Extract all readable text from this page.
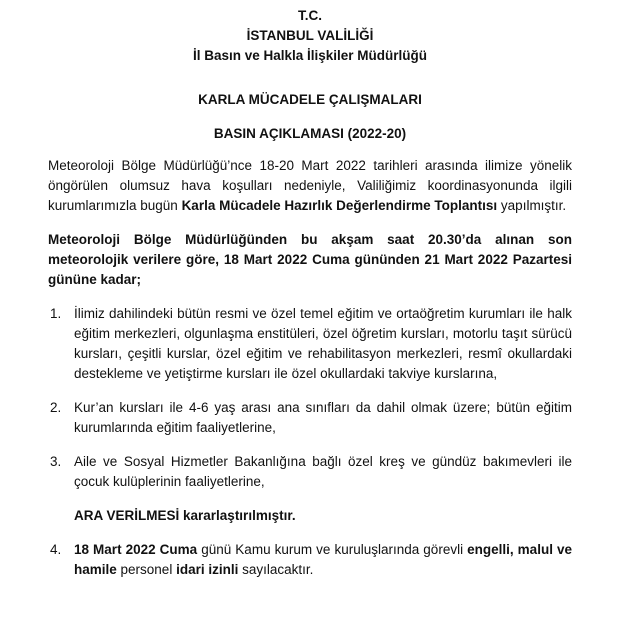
T.C.
İSTANBUL VALİLİĞİ
İl Basın ve Halkla İlişkiler Müdürlüğü
KARLA MÜCADELE ÇALIŞMALARI
BASIN AÇIKLAMASI (2022-20)

Meteoroloji Bölge Müdürlüğü’nce 18-20 Mart 2022 tarihleri arasında ilimize yönelik öngörülen olumsuz hava koşulları nedeniyle, Valiliğimiz koordinasyonunda ilgili kurumlarımızla bugün Karla Mücadele Hazırlık Değerlendirme Toplantısı yapılmıştır.

Meteoroloji Bölge Müdürlüğünden bu akşam saat 20.30’da alınan son meteorolojik verilere göre, 18 Mart 2022 Cuma gününden 21 Mart 2022 Pazartesi gününe kadar;

1. İlimiz dahilindeki bütün resmi ve özel temel eğitim ve ortaöğretim kurumları ile halk eğitim merkezleri, olgunlaşma enstitüleri, özel öğretim kursları, motorlu taşıt sürücü kursları, çeşitli kurslar, özel eğitim ve rehabilitasyon merkezleri, resmî okullardaki destekleme ve yetiştirme kursları ile özel okullardaki takviye kurslarına,
2. Kur’an kursları ile 4-6 yaş arası ana sınıfları da dahil olmak üzere; bütün eğitim kurumlarında eğitim faaliyetlerine,
3. Aile ve Sosyal Hizmetler Bakanlığına bağlı özel kreş ve gündüz bakımevleri ile çocuk kulüplerinin faaliyetlerine,

ARA VERİLMESİ kararlaştırılmıştır.

4. 18 Mart 2022 Cuma günü Kamu kurum ve kuruluşlarında görevli engelli, malul ve hamile personel idari izinli sayılacaktır.
